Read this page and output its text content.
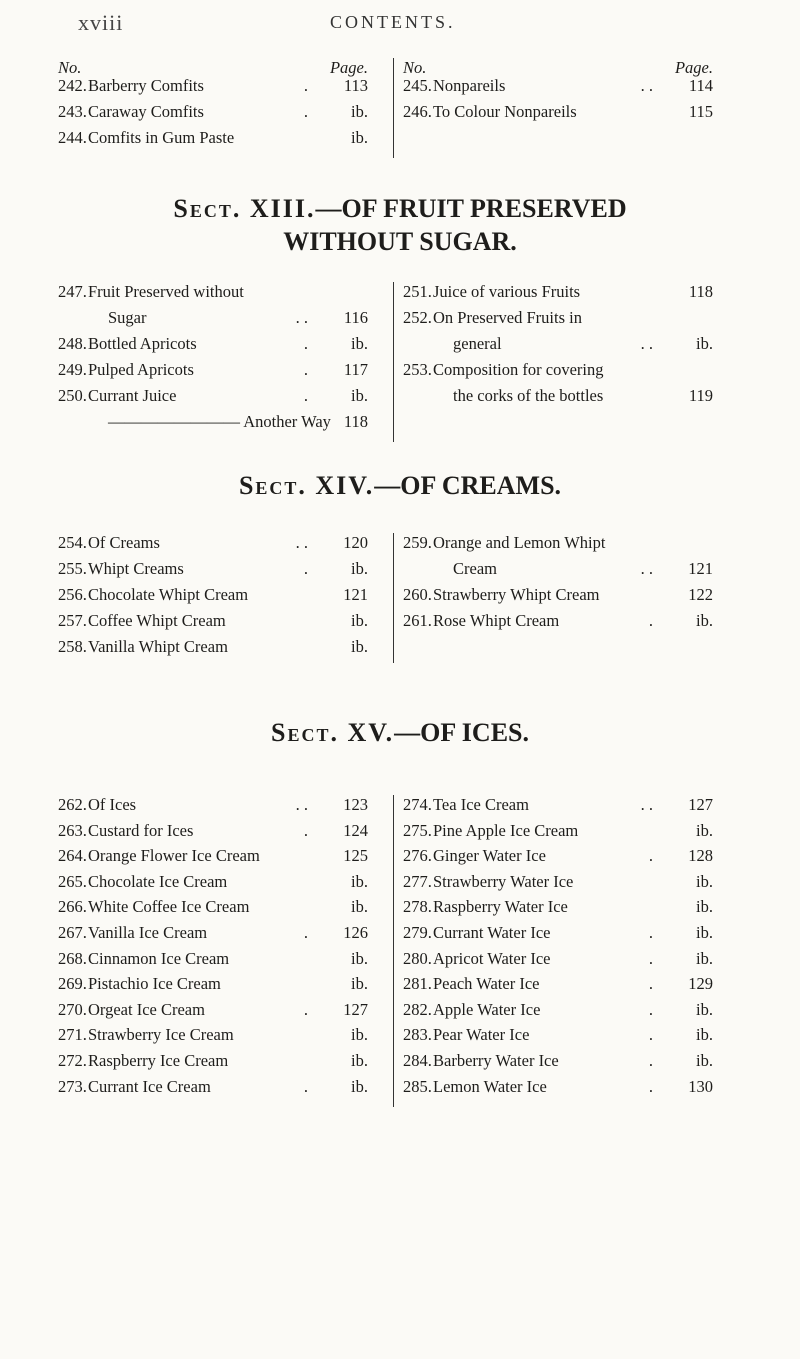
xviii	CONTENTS.
No.	Page.
242. Barberry Comfits	.	113
243. Caraway Comfits	.	ib.
244. Comfits in Gum Paste	ib.
No.	Page.
245. Nonpareils	. .	114
246. To Colour Nonpareils	115
Sect. XIII.—OF FRUIT PRESERVED
WITHOUT SUGAR.
247. Fruit Preserved without
Sugar	. .	116
248. Bottled Apricots	.	ib.
249. Pulped Apricots	.	117
250. Currant Juice	.	ib.
———————— Another Way 118
251. Juice of various Fruits	118
252. On Preserved Fruits in
general	. .	ib.
253. Composition for covering
the corks of the bottles	119
Sect. XIV.—OF CREAMS.
254. Of Creams	. .	120
255. Whipt Creams	.	ib.
256. Chocolate Whipt Cream	121
257. Coffee Whipt Cream	ib.
258. Vanilla Whipt Cream	ib.
259. Orange and Lemon Whipt
Cream	. .	121
260. Strawberry Whipt Cream	122
261. Rose Whipt Cream	.	ib.
Sect. XV.—OF ICES.
262. Of Ices	. .	123
263. Custard for Ices	.	124
264. Orange Flower Ice Cream	125
265. Chocolate Ice Cream	ib.
266. White Coffee Ice Cream	ib.
267. Vanilla Ice Cream	.	126
268. Cinnamon Ice Cream	ib.
269. Pistachio Ice Cream	ib.
270. Orgeat Ice Cream	.	127
271. Strawberry Ice Cream	ib.
272. Raspberry Ice Cream	ib.
273. Currant Ice Cream	.	ib.
274. Tea Ice Cream	. .	127
275. Pine Apple Ice Cream	ib.
276. Ginger Water Ice	.	128
277. Strawberry Water Ice	ib.
278. Raspberry Water Ice	ib.
279. Currant Water Ice	.	ib.
280. Apricot Water Ice	.	ib.
281. Peach Water Ice	.	129
282. Apple Water Ice	.	ib.
283. Pear Water Ice	.	ib.
284. Barberry Water Ice	.	ib.
285. Lemon Water Ice	.	130
